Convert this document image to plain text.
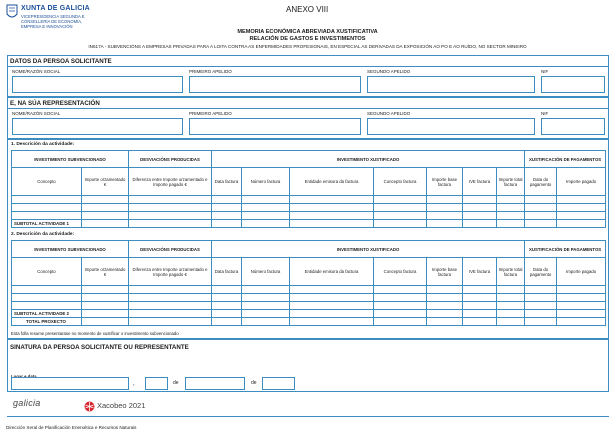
XUNTA DE GALICIA
VICEPRESIDENCIA SEGUNDA E
CONSELLERÍA DE ECONOMÍA,
EMPRESA E INNOVACIÓN
ANEXO VIII
MEMORIA ECONÓMICA ABREVIADA XUSTIFICATIVA
RELACIÓN DE GASTOS E INVESTIMENTOS
IN517A - SUBVENCIÓNS A EMPRESAS PRIVADAS PARA A LOITA CONTRA AS ENFERMIDADES PROFESIONAIS, EN ESPECIAL AS DERIVADAS DA EXPOSICIÓN AO PO E AO RUÍDO, NO SECTOR MINEIRO
DATOS DA PERSOA SOLICITANTE
NOME/RAZÓN SOCIAL	PRIMEIRO APELIDO	SEGUNDO APELIDO	NIF
E, NA SÚA REPRESENTACIÓN
NOME/RAZÓN SOCIAL	PRIMEIRO APELIDO	SEGUNDO APELIDO	NIF
1. Descrición da actividade:
INVESTIMENTO SUBVENCIONADO		DESVIACIÓNS PRODUCIDAS	INVESTIMENTO XUSTIFICADO							XUSTIFICACIÓN DE PAGAMENTOS	
Concepto	Importe orzamentado €	Diferenza entre Importe orzamentado e Importe pagado €	Data factura	Número factura	Entidade emisora da factura	Concepto factura	Importe base factura	IVE factura	Importe total factura	Data do pagamento	Importe pagado

SUBTOTAL ACTIVIDADE 1											
2. Descrición da actividade:
INVESTIMENTO SUBVENCIONADO		DESVIACIÓNS PRODUCIDAS	INVESTIMENTO XUSTIFICADO							XUSTIFICACIÓN DE PAGAMENTOS	
Concepto	Importe orzamentado €	Diferenza entre Importe orzamentado e Importe pagado €	Data factura	Número factura	Entidade emisora da factura	Concepto factura	Importe base factura	IVE factura	Importe total factura	Data do pagamento	Importe pagado

SUBTOTAL ACTIVIDADE 2											
TOTAL PROXECTO											
Esta folla resume presentarase no momento de xustificar o investimento subvencionado
SINATURA DA PERSOA SOLICITANTE OU REPRESENTANTE
,	de	de
galicia	Xacobeo 2021
Dirección Xeral de Planificación Enerxética e Recursos Naturais
